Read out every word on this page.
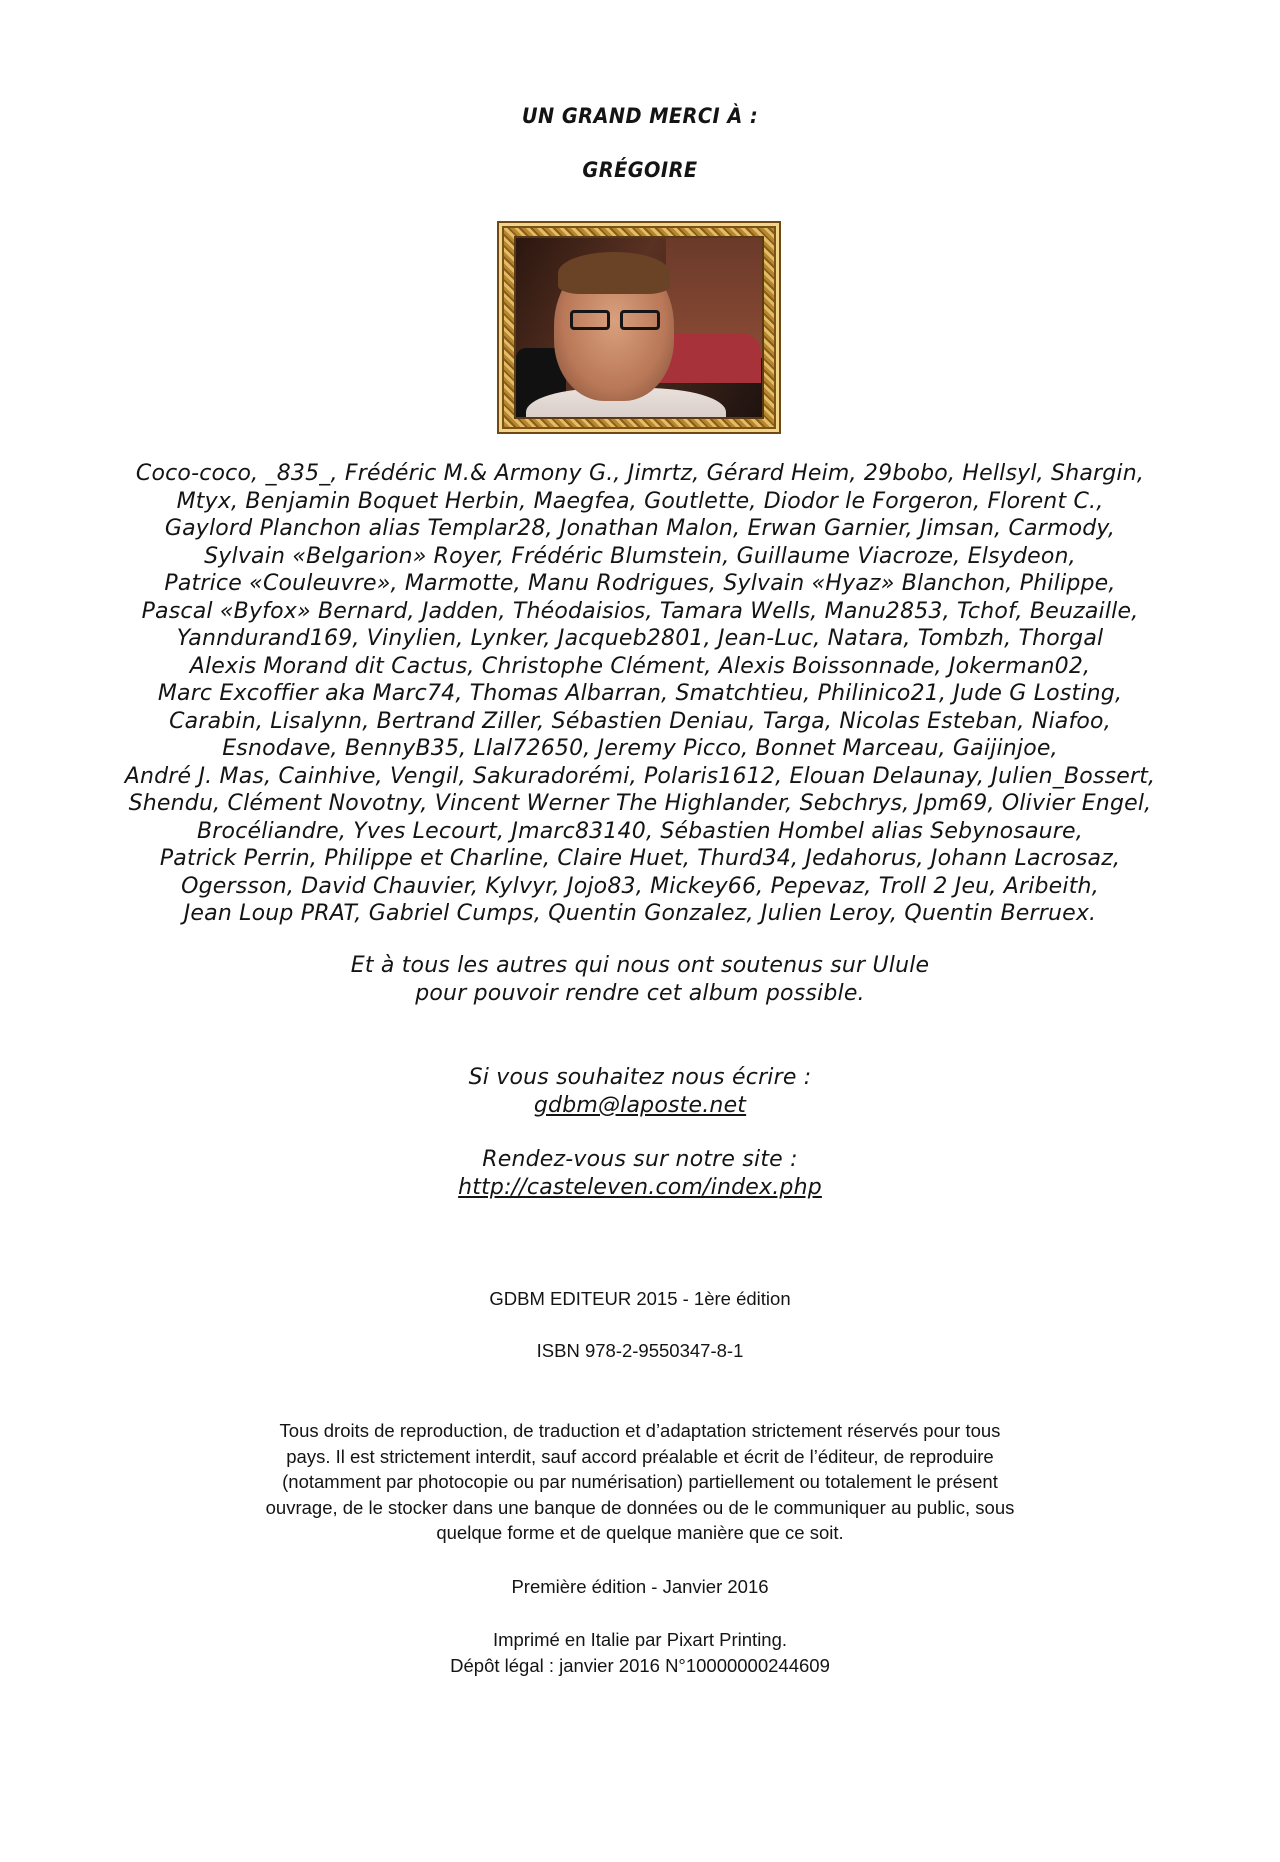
UN GRAND MERCI À :
GRÉGOIRE
Coco-coco, _835_, Frédéric M.& Armony G., Jimrtz, Gérard Heim, 29bobo, Hellsyl, Shargin,
Mtyx, Benjamin Boquet Herbin, Maegfea, Goutlette, Diodor le Forgeron, Florent C.,
Gaylord Planchon alias Templar28, Jonathan Malon, Erwan Garnier, Jimsan, Carmody,
Sylvain «Belgarion» Royer, Frédéric Blumstein, Guillaume Viacroze, Elsydeon,
Patrice «Couleuvre», Marmotte, Manu Rodrigues, Sylvain «Hyaz» Blanchon, Philippe,
Pascal «Byfox» Bernard, Jadden, Théodaisios, Tamara Wells, Manu2853, Tchof, Beuzaille,
Yanndurand169, Vinylien, Lynker, Jacqueb2801, Jean-Luc, Natara, Tombzh, Thorgal
Alexis Morand dit Cactus, Christophe Clément, Alexis Boissonnade, Jokerman02,
Marc Excoffier aka Marc74, Thomas Albarran, Smatchtieu, Philinico21, Jude G Losting,
Carabin, Lisalynn, Bertrand Ziller, Sébastien Deniau, Targa, Nicolas Esteban, Niafoo,
Esnodave, BennyB35, Llal72650, Jeremy Picco, Bonnet Marceau, Gaijinjoe,
André J. Mas, Cainhive, Vengil, Sakuradorémi, Polaris1612, Elouan Delaunay, Julien_Bossert,
Shendu, Clément Novotny, Vincent Werner The Highlander, Sebchrys, Jpm69, Olivier Engel,
Brocéliandre, Yves Lecourt, Jmarc83140, Sébastien Hombel alias Sebynosaure,
Patrick Perrin, Philippe et Charline, Claire Huet, Thurd34, Jedahorus, Johann Lacrosaz,
Ogersson, David Chauvier, Kylvyr, Jojo83, Mickey66, Pepevaz, Troll 2 Jeu, Aribeith,
Jean Loup PRAT, Gabriel Cumps, Quentin Gonzalez, Julien Leroy, Quentin Berruex.
Et à tous les autres qui nous ont soutenus sur Ulule
pour pouvoir rendre cet album possible.
Si vous souhaitez nous écrire :
gdbm@laposte.net
Rendez-vous sur notre site :
http://casteleven.com/index.php
GDBM EDITEUR 2015 - 1ère édition
ISBN 978-2-9550347-8-1
Tous droits de reproduction, de traduction et d’adaptation strictement réservés pour tous
pays. Il est strictement interdit, sauf accord préalable et écrit de l’éditeur, de reproduire
(notamment par photocopie ou par numérisation) partiellement ou totalement le présent
ouvrage, de le stocker dans une banque de données ou de le communiquer au public, sous
quelque forme et de quelque manière que ce soit.
Première édition - Janvier 2016
Imprimé en Italie par Pixart Printing.
Dépôt légal : janvier 2016 N°10000000244609
